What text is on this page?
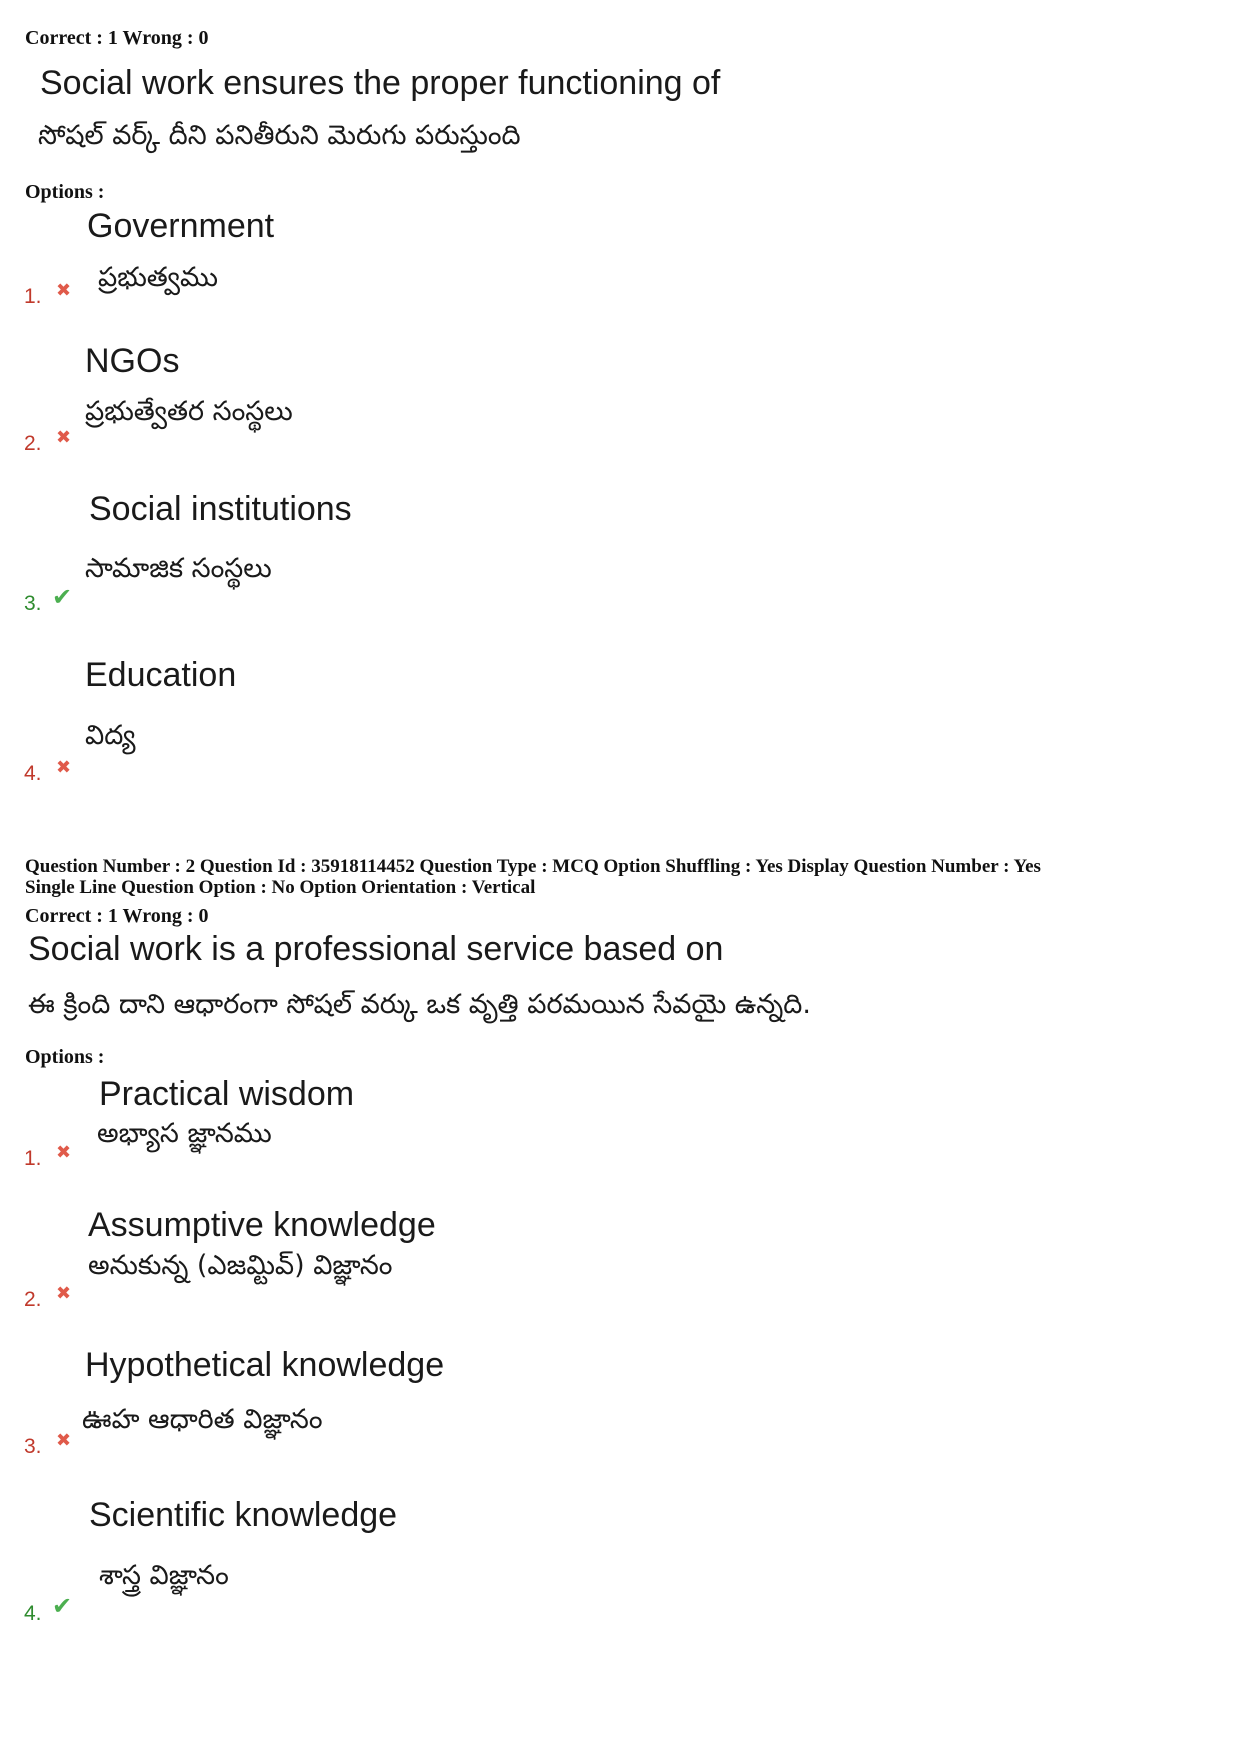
Correct : 1 Wrong : 0
Social work ensures the proper functioning of
సోషల్ వర్క్ దీని పనితీరుని మెరుగు పరుస్తుంది
Options :
Government
ప్రభుత్వము
1. ✖
NGOs
ప్రభుత్వేతర సంస్థలు
2. ✖
Social institutions
సామాజిక సంస్థలు
3. ✔
Education
విద్య
4. ✖
Question Number : 2 Question Id : 35918114452 Question Type : MCQ Option Shuffling : Yes Display Question Number : Yes
Single Line Question Option : No Option Orientation : Vertical
Correct : 1 Wrong : 0
Social work is a professional service based on
ఈ క్రింది దాని ఆధారంగా సోషల్ వర్కు ఒక వృత్తి పరమయిన సేవయై ఉన్నది.
Options :
Practical wisdom
అభ్యాస జ్ఞానము
1. ✖
Assumptive knowledge
అనుకున్న (ఎజమ్టివ్) విజ్ఞానం
2. ✖
Hypothetical knowledge
ఊహ ఆధారిత విజ్ఞానం
3. ✖
Scientific knowledge
శాస్త్ర విజ్ఞానం
4. ✔
